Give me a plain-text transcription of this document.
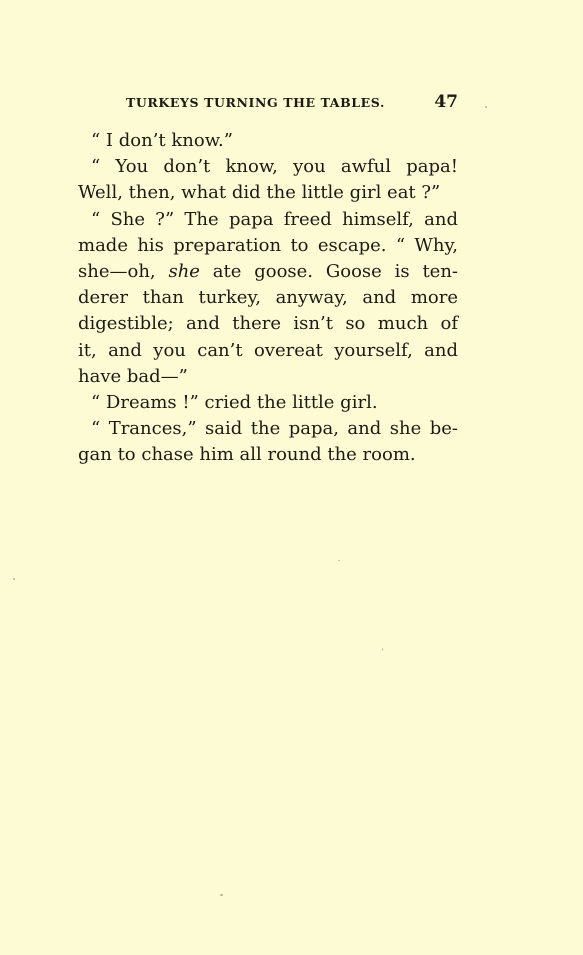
TURKEYS TURNING THE TABLES.	47
“ I don’t know.”
“ You don’t know, you awful papa!
Well, then, what did the little girl eat ?”
“ She ?” The papa freed himself, and
made his preparation to escape. “ Why,
she—oh, she ate goose. Goose is ten-
derer than turkey, anyway, and more
digestible; and there isn’t so much of
it, and you can’t overeat yourself, and
have bad—”
“ Dreams !” cried the little girl.
“ Trances,” said the papa, and she be-
gan to chase him all round the room.
